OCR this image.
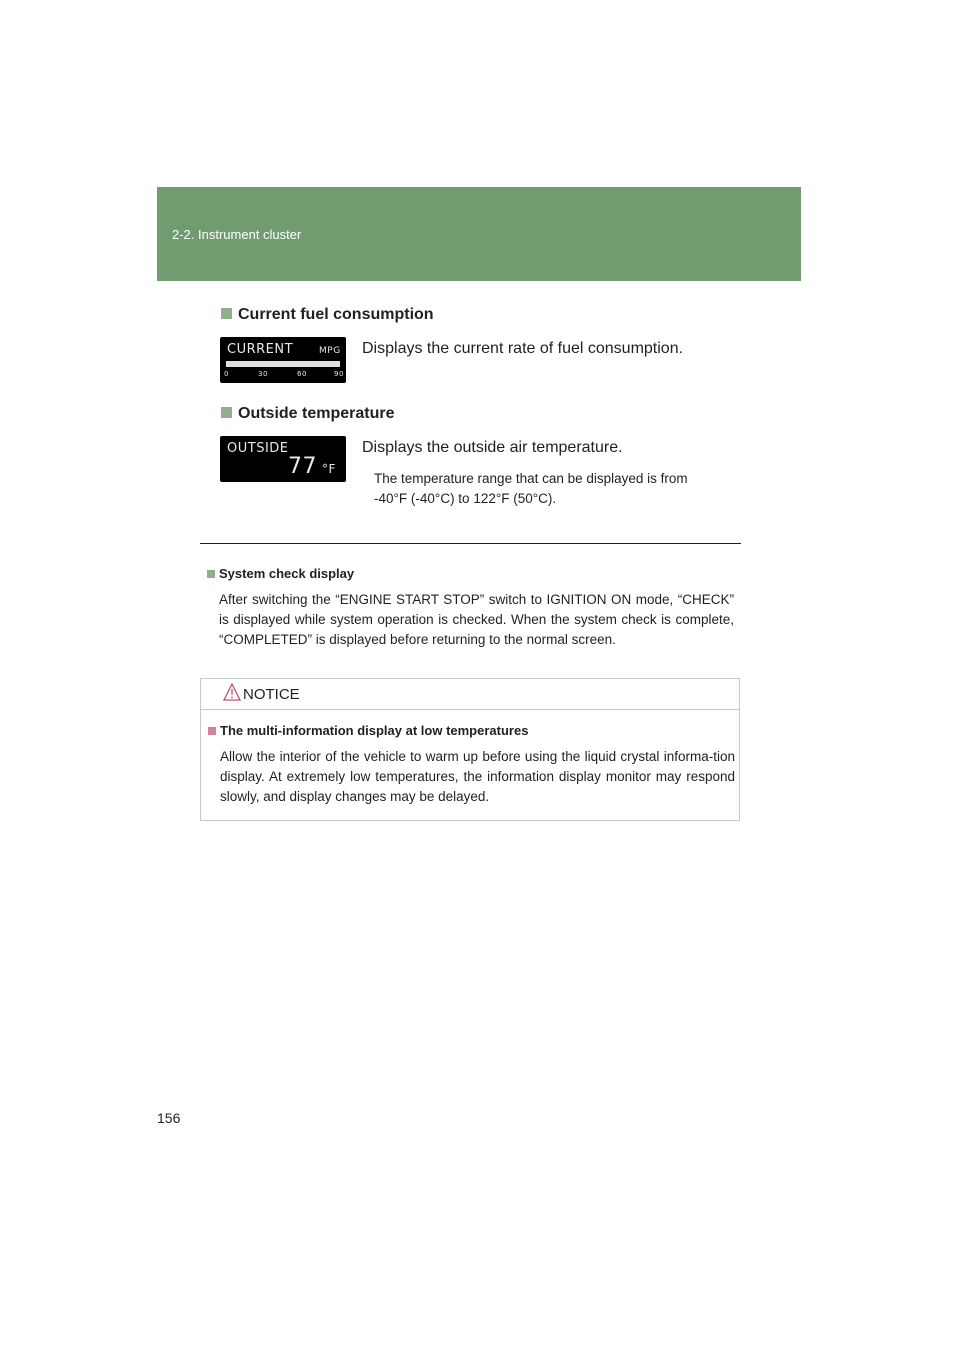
2-2. Instrument cluster
Current fuel consumption
CURRENT	MPG
0	30	60	90
Displays the current rate of fuel consumption.
Outside temperature
OUTSIDE
77 °F
Displays the outside air temperature.
The temperature range that can be displayed is from
-40°F (-40°C) to 122°F (50°C).
System check display
After switching the “ENGINE START STOP” switch to IGNITION ON mode, “CHECK” is displayed while system operation is checked. When the system check is complete, “COMPLETED” is displayed before returning to the normal screen.
NOTICE
The multi-information display at low temperatures
Allow the interior of the vehicle to warm up before using the liquid crystal informa-tion display. At extremely low temperatures, the information display monitor may respond slowly, and display changes may be delayed.
156
